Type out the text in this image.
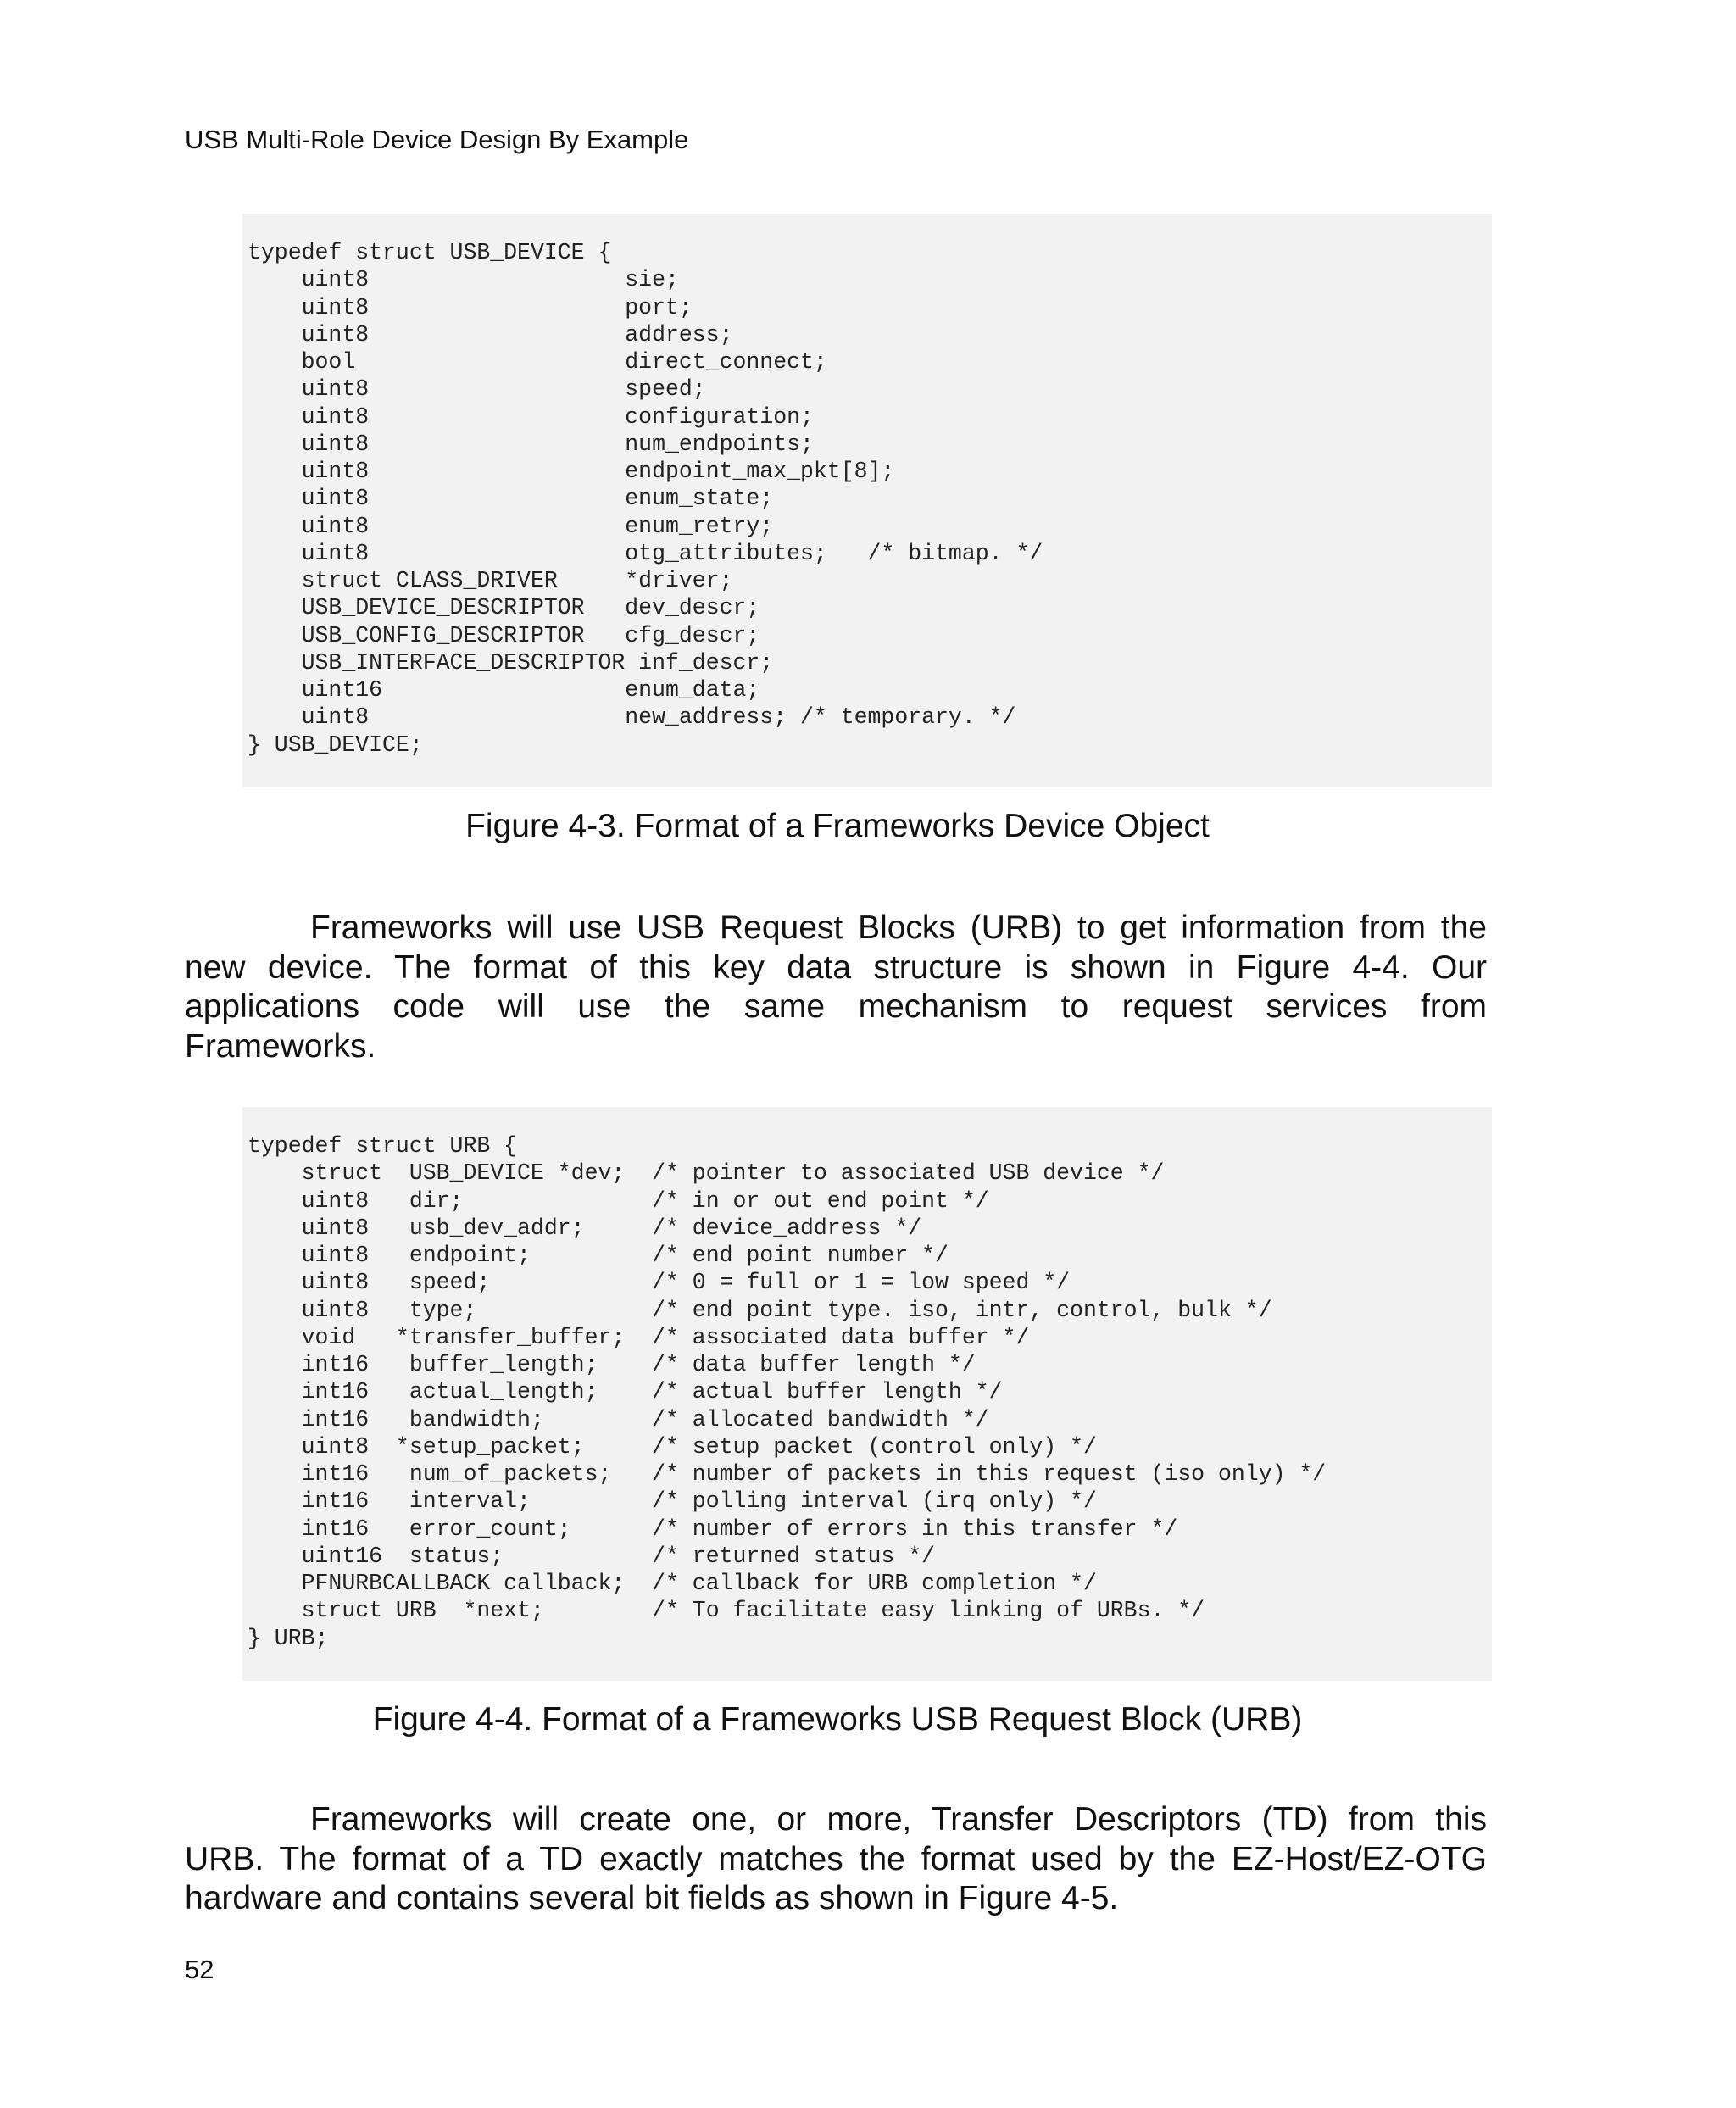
USB Multi-Role Device Design By Example
typedef struct USB_DEVICE {
uint8                   sie;
uint8                   port;
uint8                   address;
bool                    direct_connect;
uint8                   speed;
uint8                   configuration;
uint8                   num_endpoints;
uint8                   endpoint_max_pkt[8];
uint8                   enum_state;
uint8                   enum_retry;
uint8                   otg_attributes;   /* bitmap. */
struct CLASS_DRIVER     *driver;
USB_DEVICE_DESCRIPTOR   dev_descr;
USB_CONFIG_DESCRIPTOR   cfg_descr;
USB_INTERFACE_DESCRIPTOR inf_descr;
uint16                  enum_data;
uint8                   new_address; /* temporary. */
} USB_DEVICE;
Figure 4-3. Format of a Frameworks Device Object
Frameworks will use USB Request Blocks (URB) to get information from the
new device. The format of this key data structure is shown in Figure 4-4. Our
applications code will use the same mechanism to request services from
Frameworks.
typedef struct URB {
struct  USB_DEVICE *dev;  /* pointer to associated USB device */
uint8   dir;              /* in or out end point */
uint8   usb_dev_addr;     /* device_address */
uint8   endpoint;         /* end point number */
uint8   speed;            /* 0 = full or 1 = low speed */
uint8   type;             /* end point type. iso, intr, control, bulk */
void   *transfer_buffer;  /* associated data buffer */
int16   buffer_length;    /* data buffer length */
int16   actual_length;    /* actual buffer length */
int16   bandwidth;        /* allocated bandwidth */
uint8  *setup_packet;     /* setup packet (control only) */
int16   num_of_packets;   /* number of packets in this request (iso only) */
int16   interval;         /* polling interval (irq only) */
int16   error_count;      /* number of errors in this transfer */
uint16  status;           /* returned status */
PFNURBCALLBACK callback;  /* callback for URB completion */
struct URB  *next;        /* To facilitate easy linking of URBs. */
} URB;
Figure 4-4. Format of a Frameworks USB Request Block (URB)
Frameworks will create one, or more, Transfer Descriptors (TD) from this
URB. The format of a TD exactly matches the format used by the EZ-Host/EZ-OTG
hardware and contains several bit fields as shown in Figure 4-5.
52
